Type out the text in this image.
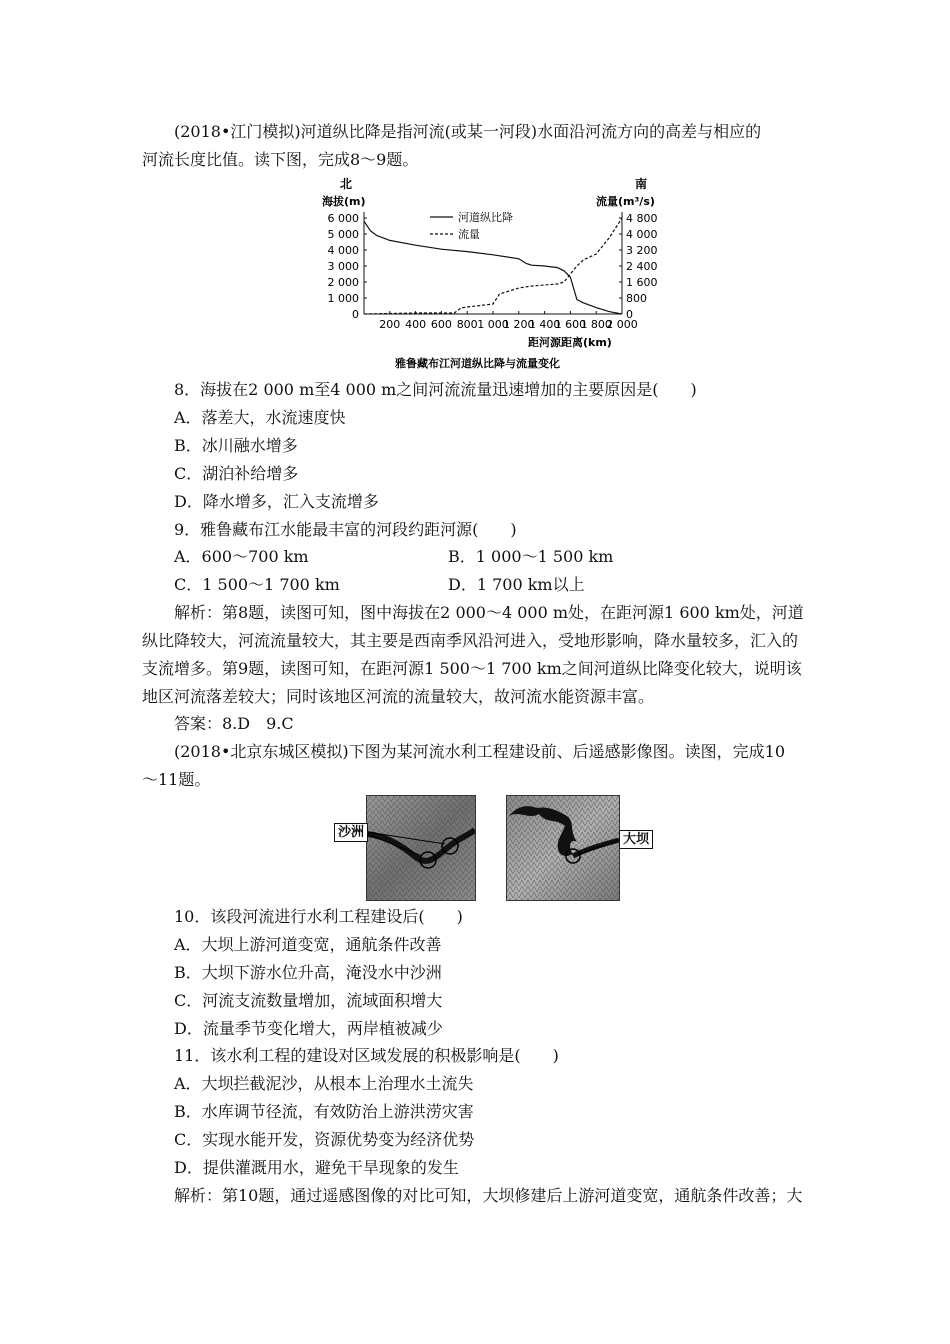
(2018•江门模拟)河道纵比降是指河流(或某一河段)水面沿河流方向的高差与相应的
河流长度比值。读下图，完成8～9题。
北	南
海拔(m)	流量(m³/s)
6 000
5 000
4 000
3 000
2 000
1 000
0
4 800
4 000
3 200
2 400
1 600
800
0
200 400 600 800 1 000
1 200
1 400
1 600
1 800
2 000
河道纵比降
流量
距河源距离(km)
雅鲁藏布江河道纵比降与流量变化
8．海拔在2 000 m至4 000 m之间河流流量迅速增加的主要原因是(　　)
A．落差大，水流速度快
B．冰川融水增多
C．湖泊补给增多
D．降水增多，汇入支流增多
9．雅鲁藏布江水能最丰富的河段约距河源(　　)
A．600～700 km	B．1 000～1 500 km
C．1 500～1 700 km	D．1 700 km以上
解析：第8题，读图可知，图中海拔在2 000～4 000 m处，在距河源1 600 km处，河道
纵比降较大，河流流量较大，其主要是西南季风沿河进入，受地形影响，降水量较多，汇入的
支流增多。第9题，读图可知，在距河源1 500～1 700 km之间河道纵比降变化较大，说明该
地区河流落差较大；同时该地区河流的流量较大，故河流水能资源丰富。
答案：8.D　9.C
(2018•北京东城区模拟)下图为某河流水利工程建设前、后遥感影像图。读图，完成10
～11题。
沙洲	大坝
10．该段河流进行水利工程建设后(　　)
A．大坝上游河道变宽，通航条件改善
B．大坝下游水位升高，淹没水中沙洲
C．河流支流数量增加，流域面积增大
D．流量季节变化增大，两岸植被减少
11．该水利工程的建设对区域发展的积极影响是(　　)
A．大坝拦截泥沙，从根本上治理水土流失
B．水库调节径流，有效防治上游洪涝灾害
C．实现水能开发，资源优势变为经济优势
D．提供灌溉用水，避免干旱现象的发生
解析：第10题，通过遥感图像的对比可知，大坝修建后上游河道变宽，通航条件改善；大
